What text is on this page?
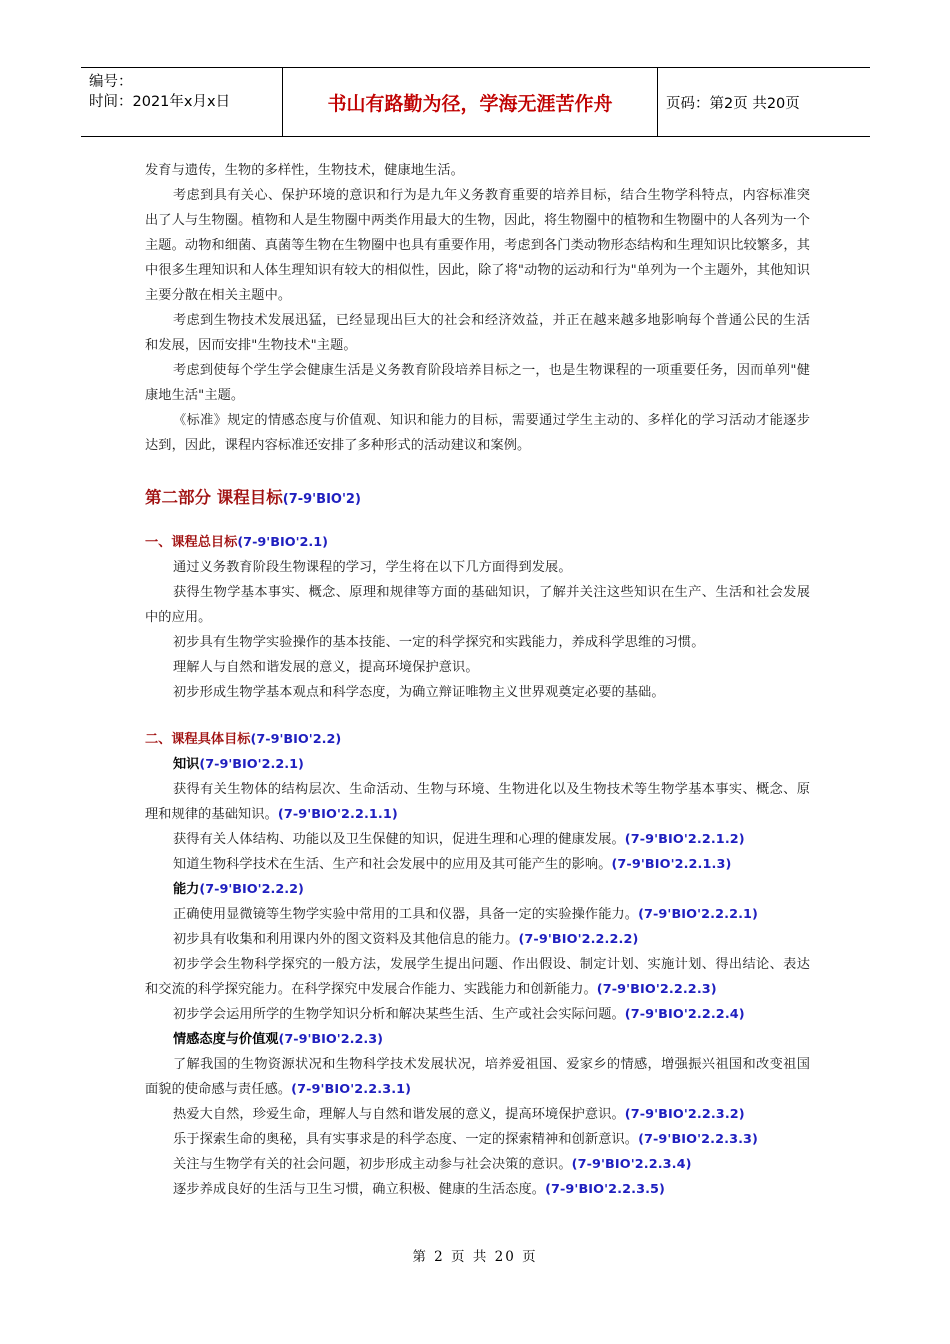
编号：
时间：2021年x月x日	书山有路勤为径，学海无涯苦作舟	页码：第2页 共20页

发育与遗传，生物的多样性，生物技术，健康地生活。

考虑到具有关心、保护环境的意识和行为是九年义务教育重要的培养目标，结合生物学科特点，内容标准突出了人与生物圈。植物和人是生物圈中两类作用最大的生物，因此，将生物圈中的植物和生物圈中的人各列为一个主题。动物和细菌、真菌等生物在生物圈中也具有重要作用，考虑到各门类动物形态结构和生理知识比较繁多，其中很多生理知识和人体生理知识有较大的相似性，因此，除了将"动物的运动和行为"单列为一个主题外，其他知识主要分散在相关主题中。

考虑到生物技术发展迅猛，已经显现出巨大的社会和经济效益，并正在越来越多地影响每个普通公民的生活和发展，因而安排"生物技术"主题。

考虑到使每个学生学会健康生活是义务教育阶段培养目标之一，也是生物课程的一项重要任务，因而单列"健康地生活"主题。

《标准》规定的情感态度与价值观、知识和能力的目标，需要通过学生主动的、多样化的学习活动才能逐步达到，因此，课程内容标准还安排了多种形式的活动建议和案例。

第二部分 课程目标(7-9'BIO'2)
一、课程总目标(7-9'BIO'2.1)

通过义务教育阶段生物课程的学习，学生将在以下几方面得到发展。

获得生物学基本事实、概念、原理和规律等方面的基础知识，了解并关注这些知识在生产、生活和社会发展中的应用。

初步具有生物学实验操作的基本技能、一定的科学探究和实践能力，养成科学思维的习惯。

理解人与自然和谐发展的意义，提高环境保护意识。

初步形成生物学基本观点和科学态度，为确立辩证唯物主义世界观奠定必要的基础。

二、课程具体目标(7-9'BIO'2.2)
知识(7-9'BIO'2.2.1)

获得有关生物体的结构层次、生命活动、生物与环境、生物进化以及生物技术等生物学基本事实、概念、原理和规律的基础知识。(7-9'BIO'2.2.1.1)

获得有关人体结构、功能以及卫生保健的知识，促进生理和心理的健康发展。(7-9'BIO'2.2.1.2)

知道生物科学技术在生活、生产和社会发展中的应用及其可能产生的影响。(7-9'BIO'2.2.1.3)

能力(7-9'BIO'2.2.2)

正确使用显微镜等生物学实验中常用的工具和仪器，具备一定的实验操作能力。(7-9'BIO'2.2.2.1)

初步具有收集和利用课内外的图文资料及其他信息的能力。(7-9'BIO'2.2.2.2)

初步学会生物科学探究的一般方法，发展学生提出问题、作出假设、制定计划、实施计划、得出结论、表达和交流的科学探究能力。在科学探究中发展合作能力、实践能力和创新能力。(7-9'BIO'2.2.2.3)

初步学会运用所学的生物学知识分析和解决某些生活、生产或社会实际问题。(7-9'BIO'2.2.2.4)

情感态度与价值观(7-9'BIO'2.2.3)

了解我国的生物资源状况和生物科学技术发展状况，培养爱祖国、爱家乡的情感，增强振兴祖国和改变祖国面貌的使命感与责任感。(7-9'BIO'2.2.3.1)

热爱大自然，珍爱生命，理解人与自然和谐发展的意义，提高环境保护意识。(7-9'BIO'2.2.3.2)

乐于探索生命的奥秘，具有实事求是的科学态度、一定的探索精神和创新意识。(7-9'BIO'2.2.3.3)

关注与生物学有关的社会问题，初步形成主动参与社会决策的意识。(7-9'BIO'2.2.3.4)

逐步养成良好的生活与卫生习惯，确立积极、健康的生活态度。(7-9'BIO'2.2.3.5)

第 2 页 共 20 页
